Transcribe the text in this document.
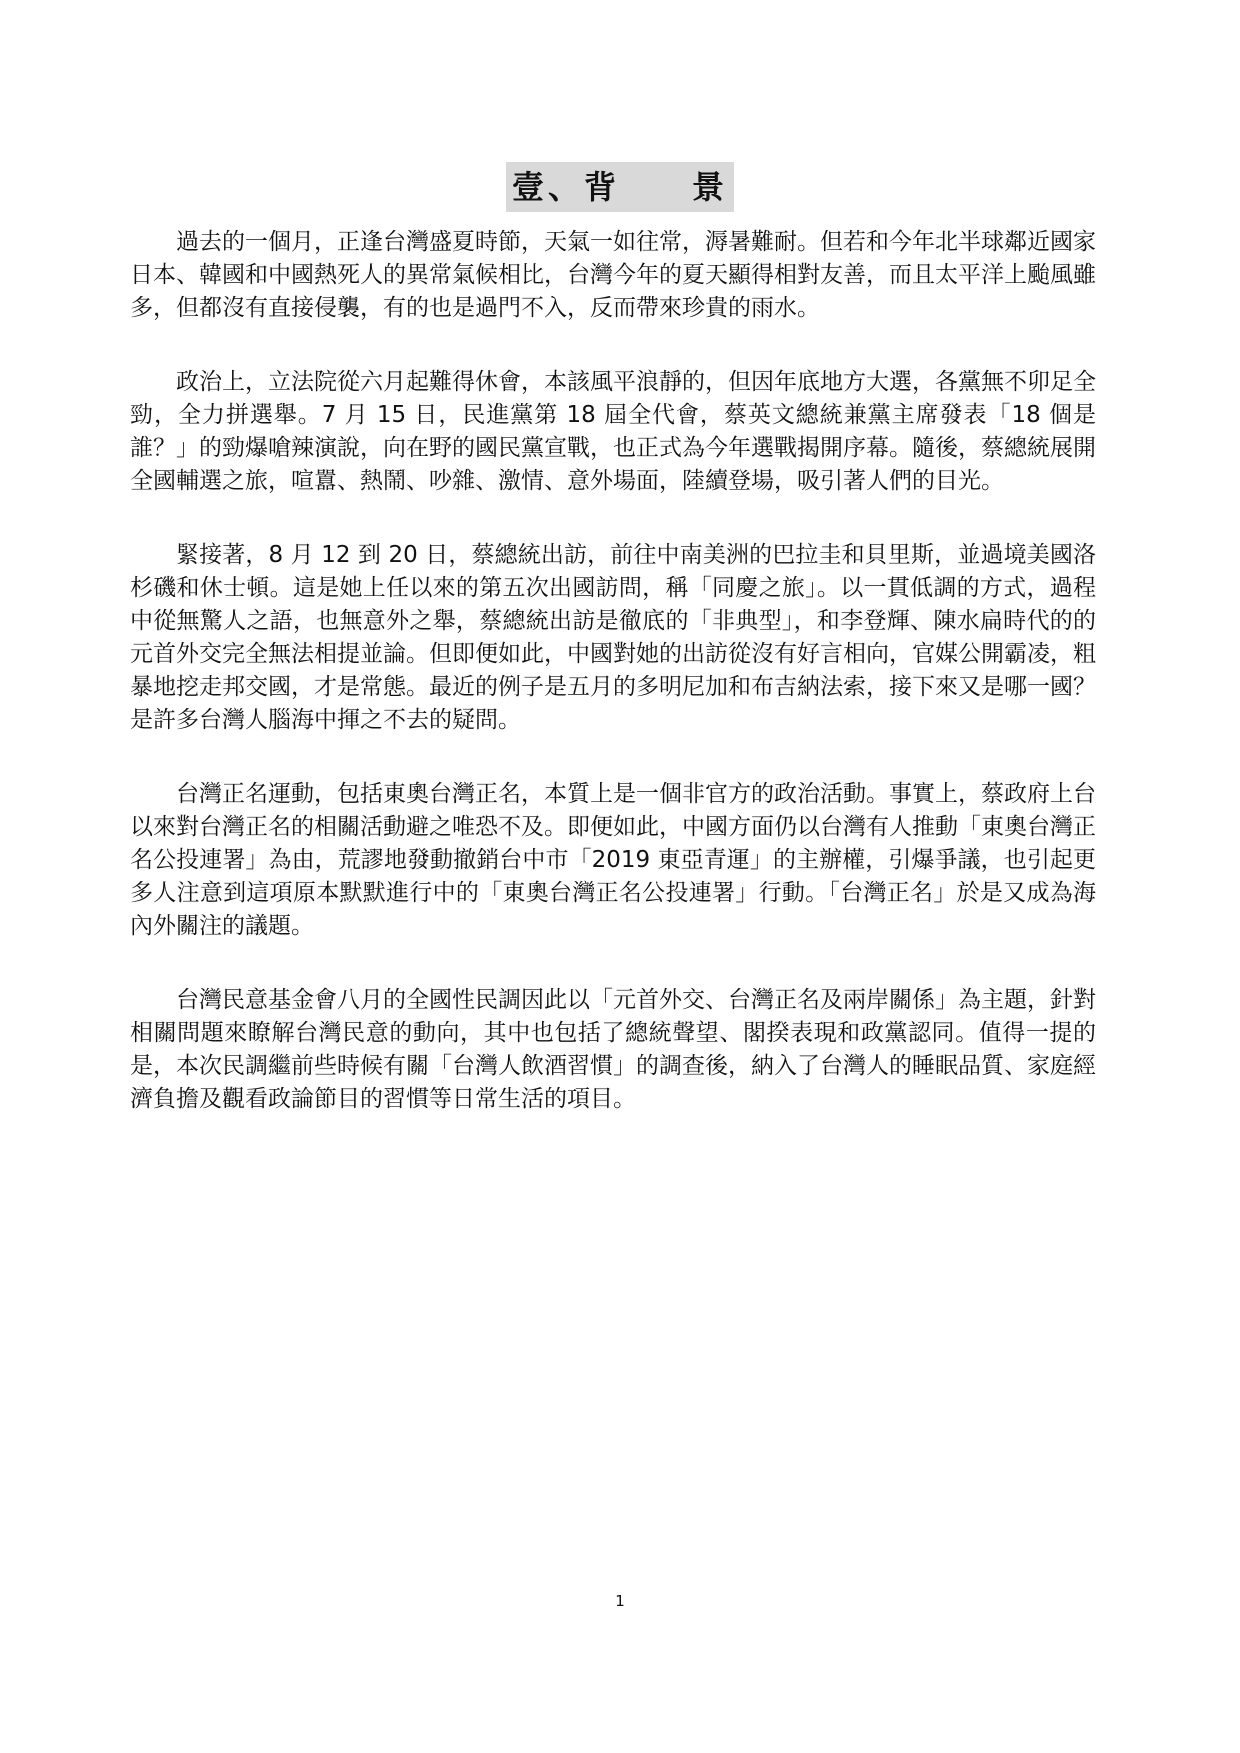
壹、背　　景

過去的一個月，正逢台灣盛夏時節，天氣一如往常，溽暑難耐。但若和今年北半球鄰近國家日本、韓國和中國熱死人的異常氣候相比，台灣今年的夏天顯得相對友善，而且太平洋上颱風雖多，但都沒有直接侵襲，有的也是過門不入，反而帶來珍貴的雨水。

政治上，立法院從六月起難得休會，本該風平浪靜的，但因年底地方大選，各黨無不卯足全勁，全力拼選舉。7 月 15 日，民進黨第 18 屆全代會，蔡英文總統兼黨主席發表「18 個是誰？」的勁爆嗆辣演說，向在野的國民黨宣戰，也正式為今年選戰揭開序幕。隨後，蔡總統展開全國輔選之旅，喧囂、熱鬧、吵雜、激情、意外場面，陸續登場，吸引著人們的目光。

緊接著，8 月 12 到 20 日，蔡總統出訪，前往中南美洲的巴拉圭和貝里斯，並過境美國洛杉磯和休士頓。這是她上任以來的第五次出國訪問，稱「同慶之旅」。以一貫低調的方式，過程中從無驚人之語，也無意外之舉，蔡總統出訪是徹底的「非典型」，和李登輝、陳水扁時代的的元首外交完全無法相提並論。但即便如此，中國對她的出訪從沒有好言相向，官媒公開霸凌，粗暴地挖走邦交國，才是常態。最近的例子是五月的多明尼加和布吉納法索，接下來又是哪一國？是許多台灣人腦海中揮之不去的疑問。

台灣正名運動，包括東奧台灣正名，本質上是一個非官方的政治活動。事實上，蔡政府上台以來對台灣正名的相關活動避之唯恐不及。即便如此，中國方面仍以台灣有人推動「東奧台灣正名公投連署」為由，荒謬地發動撤銷台中市「2019 東亞青運」的主辦權，引爆爭議，也引起更多人注意到這項原本默默進行中的「東奧台灣正名公投連署」行動。「台灣正名」於是又成為海內外關注的議題。

台灣民意基金會八月的全國性民調因此以「元首外交、台灣正名及兩岸關係」為主題，針對相關問題來瞭解台灣民意的動向，其中也包括了總統聲望、閣揆表現和政黨認同。值得一提的是，本次民調繼前些時候有關「台灣人飲酒習慣」的調查後，納入了台灣人的睡眠品質、家庭經濟負擔及觀看政論節目的習慣等日常生活的項目。

1
